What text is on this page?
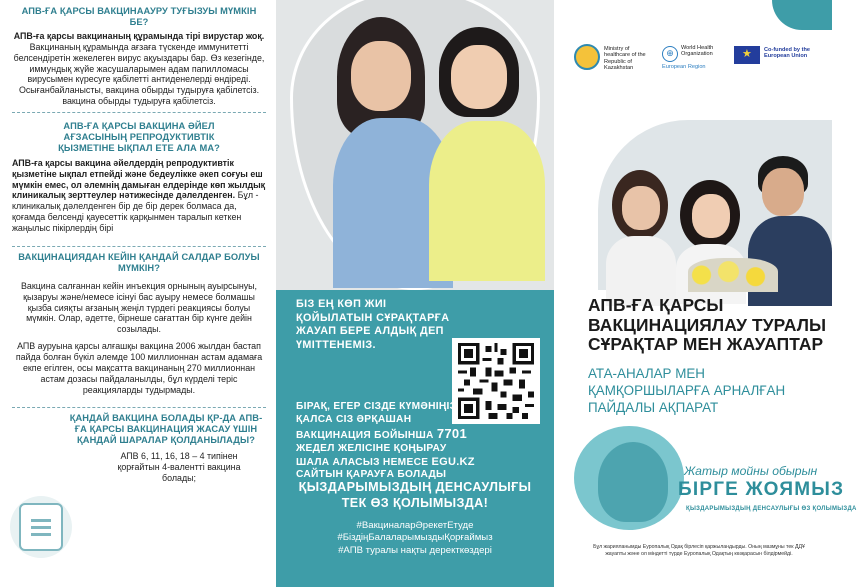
АПВ-ҒА ҚАРСЫ ВАКЦИНААУРУ ТУҒЫЗУЫ МҮМКІН БЕ?
АПВ-ға қарсы вакцинаның құрамында тірі вирустар жоқ.
Вакцинаның құрамында ағзаға түскенде иммунитетті белсендіретін жекелеген вирус ақуыздары бар. Өз кезегінде, иммундық жүйе жасушаларымен адам папилломасы вирусымен күресуге қабілетті антиденелерді өндіреді. Осығанбайланысты, вакцина обырды тудыруға қабілетсіз. вакцина обырды тудыруға қабілетсіз.
АПВ-ҒА ҚАРСЫ ВАКЦИНА ӘЙЕЛ АҒЗАСЫНЫҢ РЕПРОДУКТИВТІК ҚЫЗМЕТІНЕ ЫҚПАЛ ЕТЕ АЛА МА?
АПВ-ға қарсы вакцина әйелдердің репродуктивтік қызметіне ықпал етпейді және бедеулікке әкеп соғуы еш мүмкін емес, ол әлемнің дамыған елдерінде көп жылдық клиникалық зерттеулер нәтижесінде дәлелденген. Бұл - клиникалық дәлелденген бір де бір дерек болмаса да, қоғамда белсенді қауесеттік қарқынмен таралып кеткен жаңылыс пікірлердің бірі
ВАКЦИНАЦИЯДАН КЕЙІН ҚАНДАЙ САЛДАР БОЛУЫ МҮМКІН?
Вакцина салғаннан кейін инъекция орнының ауырсынуы, қызаруы және/немесе ісінуі бас ауыру немесе болмашы қызба сияқты ағзаның жеңіл түрдегі реакциясы болуы мүмкін. Олар, әдетте, бірнеше сағаттан бір күнге дейін созылады.
АПВ ауруына қарсы алғашқы вакцина 2006 жылдан бастап пайда болған бүкіл әлемде 100 миллионнан астам адамаға екпе егілген, осы мақсатта вакцинаның 270 миллионнан астам дозасы пайдаланылды, бұл күрделі терiс реакцияларды тудырмады.
ҚАНДАЙ ВАКЦИНА БОЛАДЫ ҚР-ДА АПВ-ҒА ҚАРСЫ ВАКЦИНАЦИЯ ЖАСАУ ҮШІН ҚАНДАЙ ШАРАЛАР ҚОЛДАНЫЛАДЫ?
АПВ 6, 11, 16, 18 – 4 типінен қорғайтын 4-валентті вакцина болады;
БІЗ ЕҢ КӨП ЖИІ ҚОЙЫЛАТЫН СҰРАҚТАРҒА ЖАУАП БЕРЕ АЛДЫҚ ДЕП ҮМІТТЕНЕМІЗ.
БІРАҚ, ЕГЕР СІЗДЕ КҮМӘНІҢІЗ ҚАЛСА СІЗ ӘРҚАШАН ВАКЦИНАЦИЯ БОЙЫНША 7701 ЖЕДЕЛ ЖЕЛІСІНЕ ҚОҢЫРАУ ШАЛА АЛАСЫЗ НЕМЕСЕ EGU.KZ САЙТЫН ҚАРАУҒА БОЛАДЫ
ҚЫЗДАРЫМЫЗДЫҢ ДЕНСАУЛЫҒЫ ТЕК ӨЗ ҚОЛЫМЫЗДА!
#ВакциналарӘрекетЕтуде
#БіздіңБалаларымыздыҚорғаймыз
#АПВ туралы нақты деректкөздері
Ministry of healthcare of the Republic of Kazakhstan
⊕	World Health Organization
European Region
★
Co-funded by the European Union
АПВ-ҒА ҚАРСЫ ВАКЦИНАЦИЯЛАУ ТУРАЛЫ СҰРАҚТАР МЕН ЖАУАПТАР
АТА-АНАЛАР МЕН ҚАМҚОРШЫЛАРҒА АРНАЛҒАН ПАЙДАЛЫ АҚПАРАТ
Жатыр мойны обырын
БІРГЕ ЖОЯМЫЗ
ҚЫЗДАРЫМЫЗДЫҢ ДЕНСАУЛЫҒЫ ӨЗ ҚОЛЫМЫЗДА
Бұл жарияланымды Еуропалық Одақ бірлесіп қаржыландырды. Оның мазмұны тек ДДҰ жауапты және ол міндетті түрде Еуропалық Одақтың көзқарасын білдірмейді.
